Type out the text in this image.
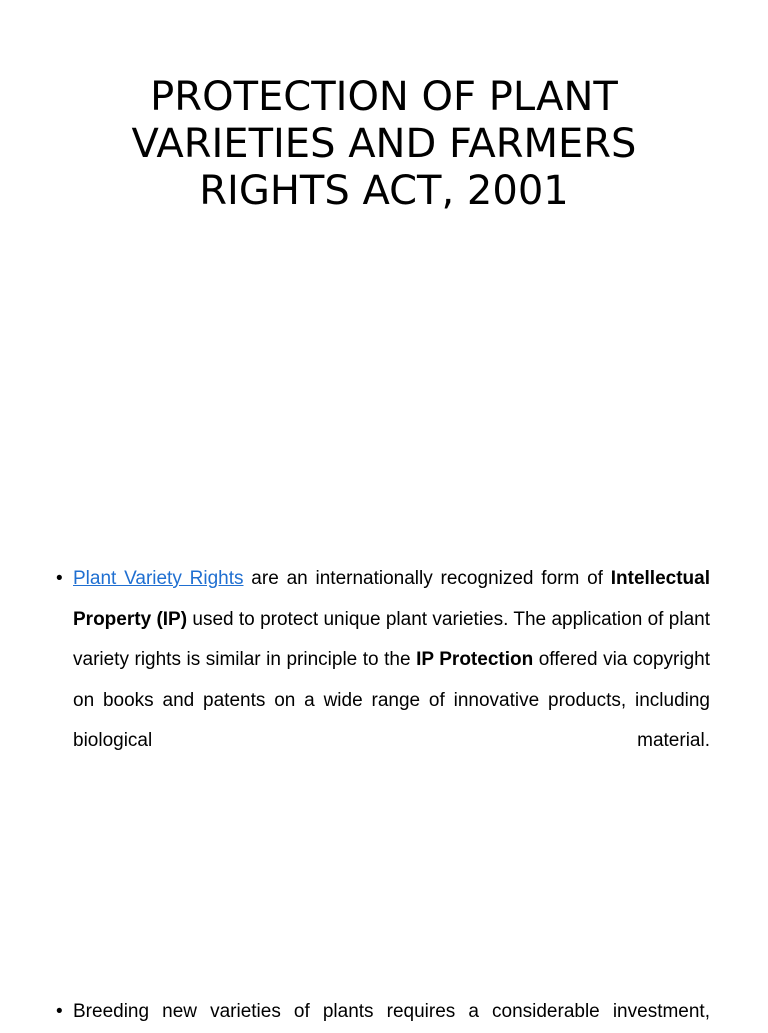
PROTECTION OF PLANT
VARIETIES AND FARMERS
RIGHTS ACT, 2001
• Plant Variety Rights are an internationally recognized form of Intellectual Property (IP) used to protect unique plant varieties. The application of plant variety rights is similar in principle to the IP Protection offered via copyright on books and patents on a wide range of innovative products, including biological material.
• Breeding new varieties of plants requires a considerable investment,
